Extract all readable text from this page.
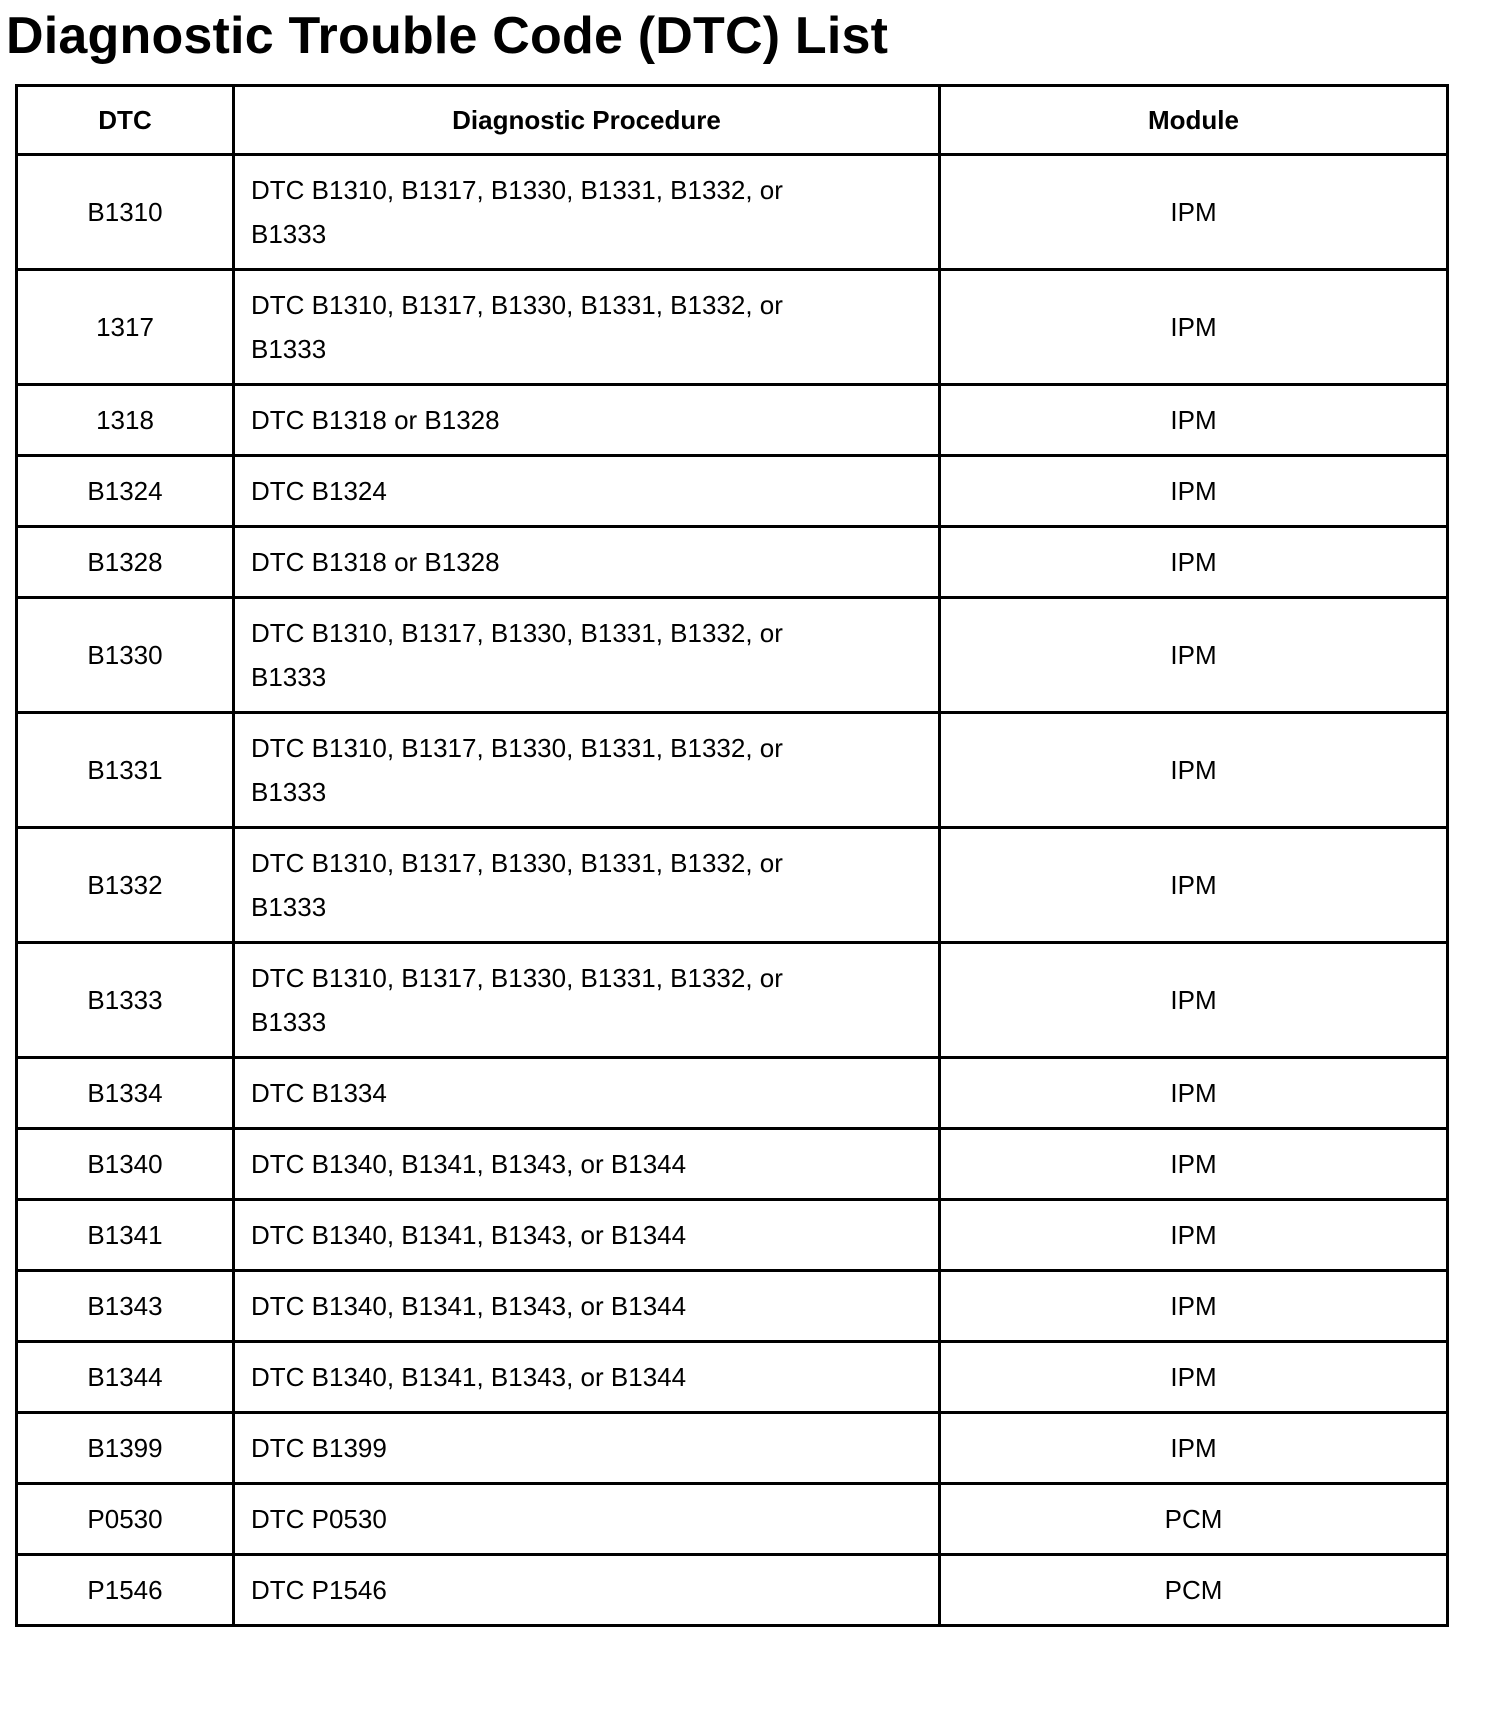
Diagnostic Trouble Code (DTC) List
DTC	Diagnostic Procedure	Module
B1310	DTC B1310, B1317, B1330, B1331, B1332, or B1333	IPM
1317	DTC B1310, B1317, B1330, B1331, B1332, or B1333	IPM
1318	DTC B1318 or B1328	IPM
B1324	DTC B1324	IPM
B1328	DTC B1318 or B1328	IPM
B1330	DTC B1310, B1317, B1330, B1331, B1332, or B1333	IPM
B1331	DTC B1310, B1317, B1330, B1331, B1332, or B1333	IPM
B1332	DTC B1310, B1317, B1330, B1331, B1332, or B1333	IPM
B1333	DTC B1310, B1317, B1330, B1331, B1332, or B1333	IPM
B1334	DTC B1334	IPM
B1340	DTC B1340, B1341, B1343, or B1344	IPM
B1341	DTC B1340, B1341, B1343, or B1344	IPM
B1343	DTC B1340, B1341, B1343, or B1344	IPM
B1344	DTC B1340, B1341, B1343, or B1344	IPM
B1399	DTC B1399	IPM
P0530	DTC P0530	PCM
P1546	DTC P1546	PCM
